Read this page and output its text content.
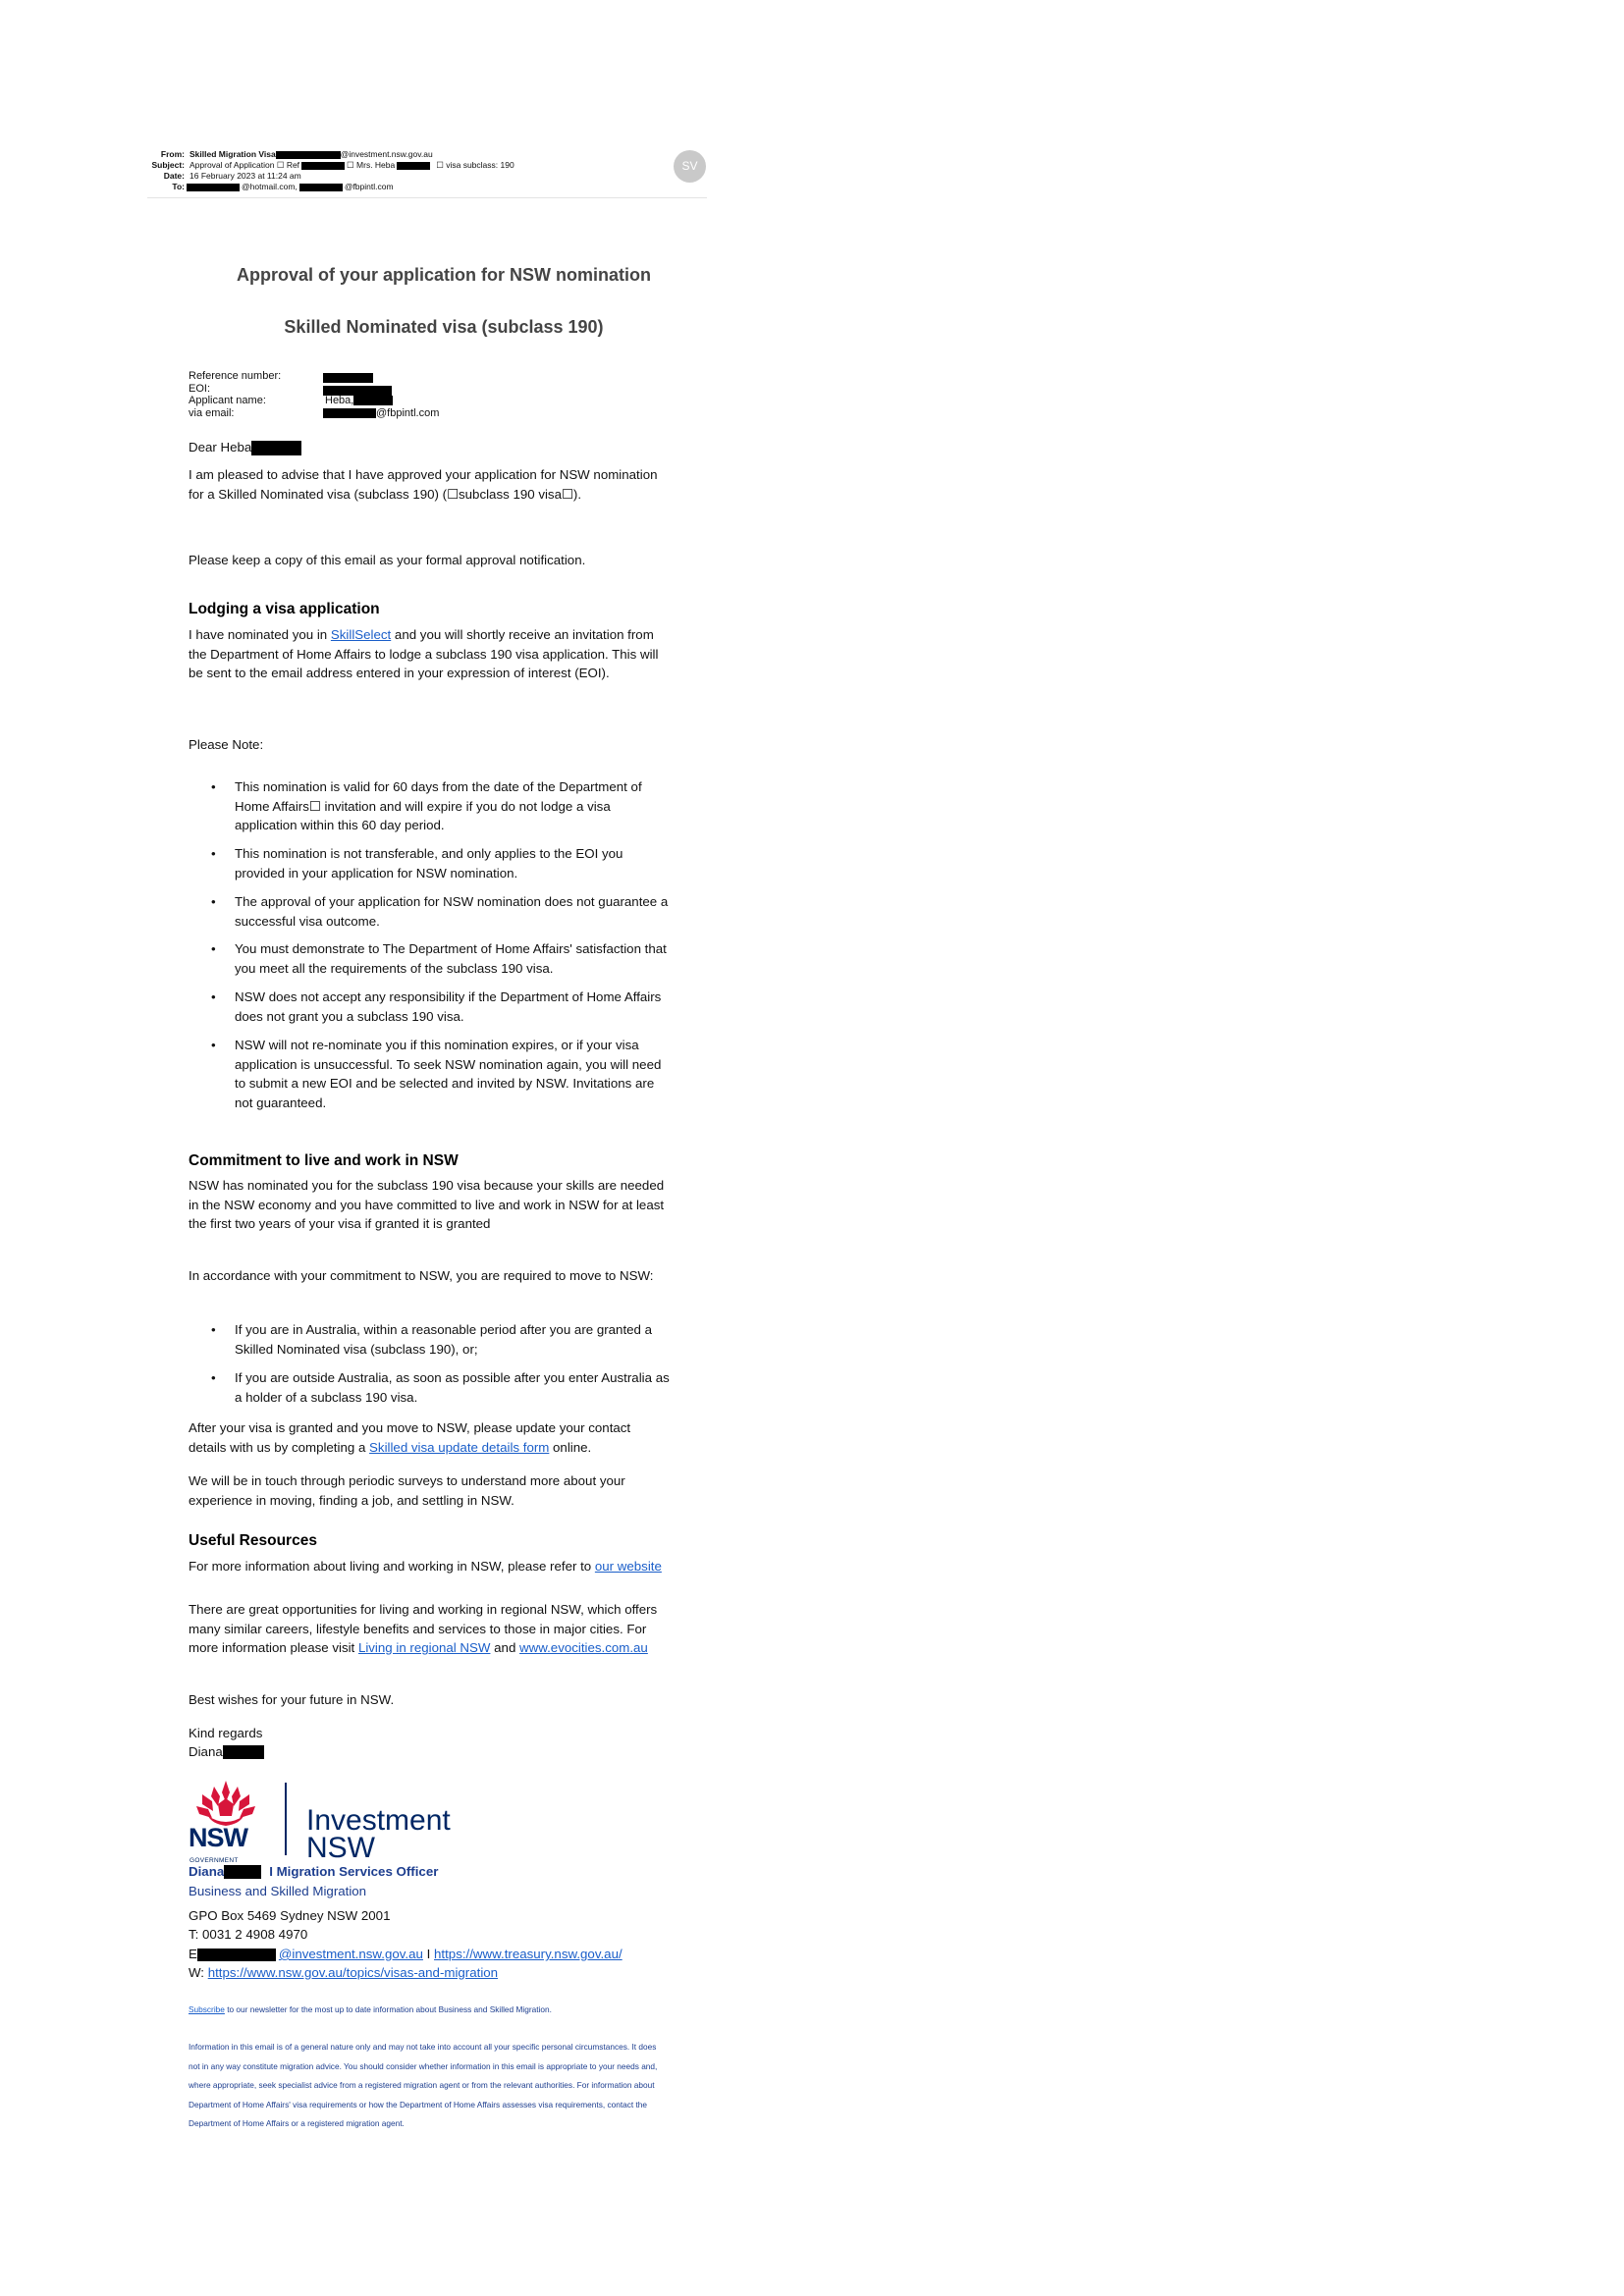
From: Skilled Migration Visa	@investment.nsw.gov.au
Subject: Approval of Application ☐ Ref	☐ Mrs. Heba	☐ visa subclass: 190
Date: 16 February 2023 at 11:24 am
To:	@hotmail.com,	@fbpintl.com
SV
Approval of your application for NSW nomination
Skilled Nominated visa (subclass 190)
Reference number:
EOI:
Applicant name:	Heba,
via email:	@fbpintl.com
Dear Heba
I am pleased to advise that I have approved your application for NSW nomination for a Skilled Nominated visa (subclass 190) (☐subclass 190 visa☐).
Please keep a copy of this email as your formal approval notification.
Lodging a visa application
I have nominated you in SkillSelect and you will shortly receive an invitation from the Department of Home Affairs to lodge a subclass 190 visa application. This will be sent to the email address entered in your expression of interest (EOI).
Please Note:
• This nomination is valid for 60 days from the date of the Department of Home Affairs☐ invitation and will expire if you do not lodge a visa application within this 60 day period.
• This nomination is not transferable, and only applies to the EOI you provided in your application for NSW nomination.
• The approval of your application for NSW nomination does not guarantee a successful visa outcome.
• You must demonstrate to The Department of Home Affairs' satisfaction that you meet all the requirements of the subclass 190 visa.
• NSW does not accept any responsibility if the Department of Home Affairs does not grant you a subclass 190 visa.
• NSW will not re-nominate you if this nomination expires, or if your visa application is unsuccessful. To seek NSW nomination again, you will need to submit a new EOI and be selected and invited by NSW. Invitations are not guaranteed.
Commitment to live and work in NSW
NSW has nominated you for the subclass 190 visa because your skills are needed in the NSW economy and you have committed to live and work in NSW for at least the first two years of your visa if granted it is granted
In accordance with your commitment to NSW, you are required to move to NSW:
• If you are in Australia, within a reasonable period after you are granted a Skilled Nominated visa (subclass 190), or;
• If you are outside Australia, as soon as possible after you enter Australia as a holder of a subclass 190 visa.
After your visa is granted and you move to NSW, please update your contact details with us by completing a Skilled visa update details form online.
We will be in touch through periodic surveys to understand more about your experience in moving, finding a job, and settling in NSW.
Useful Resources
For more information about living and working in NSW, please refer to our website
There are great opportunities for living and working in regional NSW, which offers many similar careers, lifestyle benefits and services to those in major cities. For more information please visit Living in regional NSW and www.evocities.com.au
Best wishes for your future in NSW.
Kind regards
Diana
NSW
GOVERNMENT
Investment
NSW
Diana	I Migration Services Officer
Business and Skilled Migration
GPO Box 5469 Sydney NSW 2001
T: 0031 2 4908 4970
E	@investment.nsw.gov.au I https://www.treasury.nsw.gov.au/
W: https://www.nsw.gov.au/topics/visas-and-migration
Subscribe to our newsletter for the most up to date information about Business and Skilled Migration.
Information in this email is of a general nature only and may not take into account all your specific personal circumstances. It does not in any way constitute migration advice. You should consider whether information in this email is appropriate to your needs and, where appropriate, seek specialist advice from a registered migration agent or from the relevant authorities. For information about Department of Home Affairs' visa requirements or how the Department of Home Affairs assesses visa requirements, contact the Department of Home Affairs or a registered migration agent.
